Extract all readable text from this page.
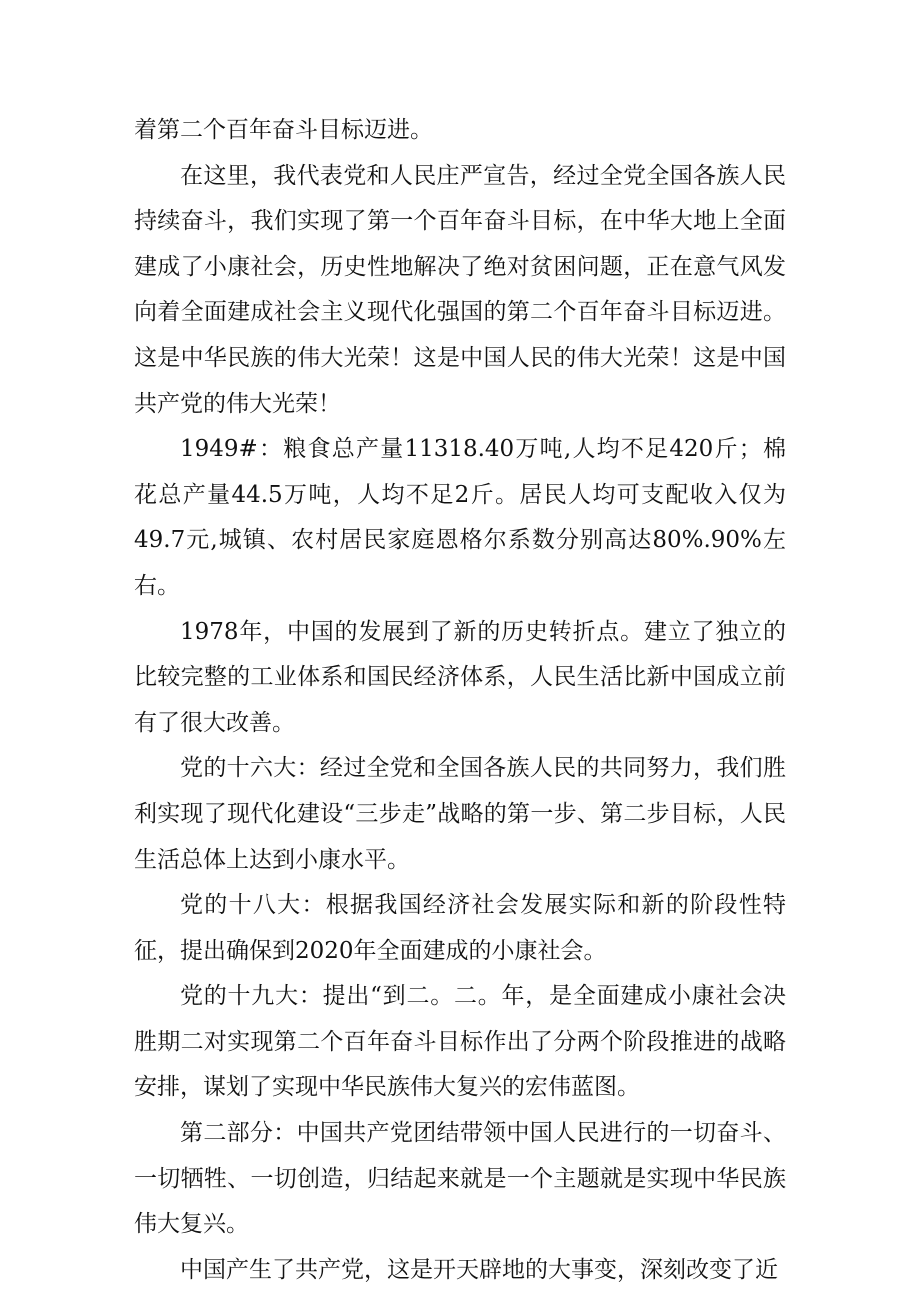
着第二个百年奋斗目标迈进。

在这里，我代表党和人民庄严宣告，经过全党全国各族人民持续奋斗，我们实现了第一个百年奋斗目标，在中华大地上全面建成了小康社会，历史性地解决了绝对贫困问题，正在意气风发向着全面建成社会主义现代化强国的第二个百年奋斗目标迈进。这是中华民族的伟大光荣！这是中国人民的伟大光荣！这是中国共产党的伟大光荣！

1949#：粮食总产量11318.40万吨,人均不足420斤；棉花总产量44.5万吨，人均不足2斤。居民人均可支配收入仅为49.7元,城镇、农村居民家庭恩格尔系数分别高达80%.90%左右。

1978年，中国的发展到了新的历史转折点。建立了独立的比较完整的工业体系和国民经济体系，人民生活比新中国成立前有了很大改善。

党的十六大：经过全党和全国各族人民的共同努力，我们胜利实现了现代化建设“三步走”战略的第一步、第二步目标，人民生活总体上达到小康水平。

党的十八大：根据我国经济社会发展实际和新的阶段性特征，提出确保到2020年全面建成的小康社会。

党的十九大：提出“到二。二。年，是全面建成小康社会决胜期二对实现第二个百年奋斗目标作出了分两个阶段推进的战略安排，谋划了实现中华民族伟大复兴的宏伟蓝图。

第二部分：中国共产党团结带领中国人民进行的一切奋斗、一切牺牲、一切创造，归结起来就是一个主题就是实现中华民族伟大复兴。

中国产生了共产党，这是开天辟地的大事变，深刻改变了近
